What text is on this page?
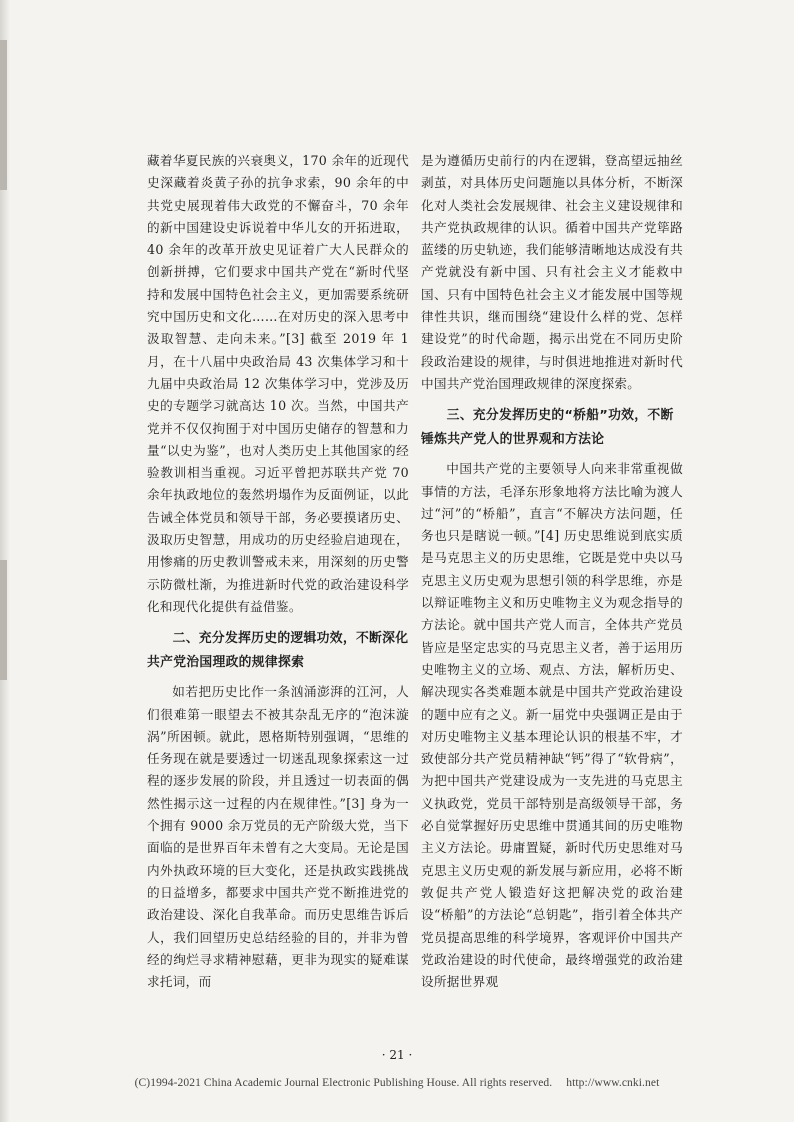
藏着华夏民族的兴衰奥义，170 余年的近现代史深藏着炎黄子孙的抗争求索，90 余年的中共党史展现着伟大政党的不懈奋斗，70 余年的新中国建设史诉说着中华儿女的开拓进取，40 余年的改革开放史见证着广大人民群众的创新拼搏，它们要求中国共产党在“新时代坚持和发展中国特色社会主义，更加需要系统研究中国历史和文化……在对历史的深入思考中汲取智慧、走向未来。”[3] 截至 2019 年 1 月，在十八届中央政治局 43 次集体学习和十九届中央政治局 12 次集体学习中，党涉及历史的专题学习就高达 10 次。当然，中国共产党并不仅仅拘囿于对中国历史储存的智慧和力量“以史为鉴”，也对人类历史上其他国家的经验教训相当重视。习近平曾把苏联共产党 70 余年执政地位的轰然坍塌作为反面例证，以此告诫全体党员和领导干部，务必要摸诸历史、汲取历史智慧，用成功的历史经验启迪现在，用惨痛的历史教训警戒未来，用深刻的历史警示防微杜渐，为推进新时代党的政治建设科学化和现代化提供有益借鉴。

二、充分发挥历史的逻辑功效，不断深化共产党治国理政的规律探索

如若把历史比作一条汹涌澎湃的江河，人们很难第一眼望去不被其杂乱无序的“泡沫漩涡”所困顿。就此，恩格斯特别强调，“思维的任务现在就是要透过一切迷乱现象探索这一过程的逐步发展的阶段，并且透过一切表面的偶然性揭示这一过程的内在规律性。”[3] 身为一个拥有 9000 余万党员的无产阶级大党，当下面临的是世界百年未曾有之大变局。无论是国内外执政环境的巨大变化，还是执政实践挑战的日益增多，都要求中国共产党不断推进党的政治建设、深化自我革命。而历史思维告诉后人，我们回望历史总结经验的目的，并非为曾经的绚烂寻求精神慰藉，更非为现实的疑难谋求托词，而

是为遵循历史前行的内在逻辑，登高望远抽丝剥茧，对具体历史问题施以具体分析，不断深化对人类社会发展规律、社会主义建设规律和共产党执政规律的认识。循着中国共产党筚路蓝缕的历史轨迹，我们能够清晰地达成没有共产党就没有新中国、只有社会主义才能救中国、只有中国特色社会主义才能发展中国等规律性共识，继而围绕“建设什么样的党、怎样建设党”的时代命题，揭示出党在不同历史阶段政治建设的规律，与时俱进地推进对新时代中国共产党治国理政规律的深度探索。

三、充分发挥历史的“桥船”功效，不断锤炼共产党人的世界观和方法论

中国共产党的主要领导人向来非常重视做事情的方法，毛泽东形象地将方法比喻为渡人过“河”的“桥船”，直言“不解决方法问题，任务也只是瞎说一顿。”[4] 历史思维说到底实质是马克思主义的历史思维，它既是党中央以马克思主义历史观为思想引领的科学思维，亦是以辩证唯物主义和历史唯物主义为观念指导的方法论。就中国共产党人而言，全体共产党员皆应是坚定忠实的马克思主义者，善于运用历史唯物主义的立场、观点、方法，解析历史、解决现实各类难题本就是中国共产党政治建设的题中应有之义。新一届党中央强调正是由于对历史唯物主义基本理论认识的根基不牢，才致使部分共产党员精神缺“钙”得了“软骨病”，为把中国共产党建设成为一支先进的马克思主义执政党，党员干部特别是高级领导干部，务必自觉掌握好历史思维中贯通其间的历史唯物主义方法论。毋庸置疑，新时代历史思维对马克思主义历史观的新发展与新应用，必将不断敦促共产党人锻造好这把解决党的政治建设“桥船”的方法论“总钥匙”，指引着全体共产党员提高思维的科学境界，客观评价中国共产党政治建设的时代使命，最终增强党的政治建设所据世界观

· 21 ·
(C)1994-2021 China Academic Journal Electronic Publishing House. All rights reserved. http://www.cnki.net
